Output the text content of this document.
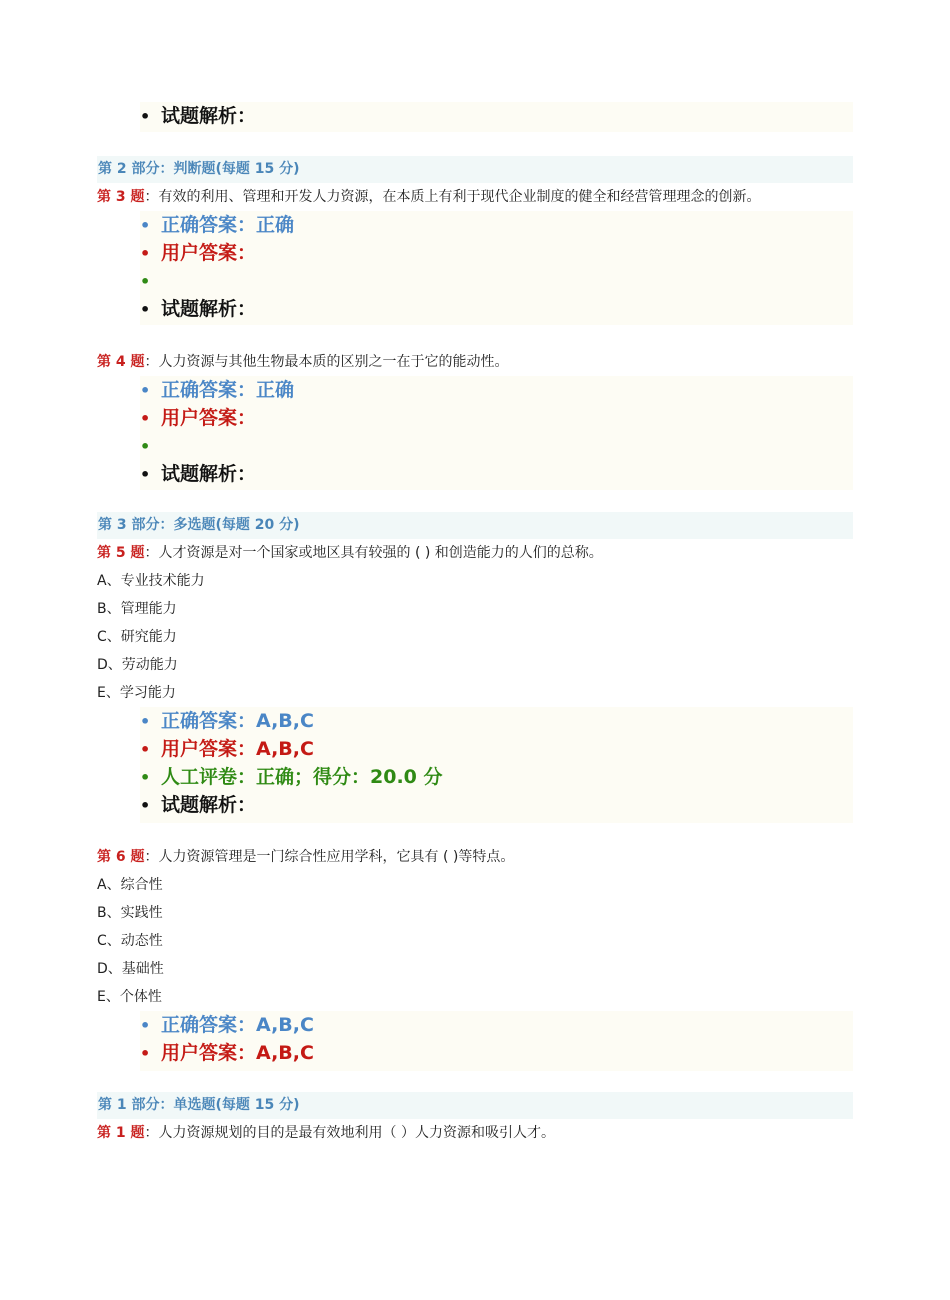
• 试题解析：
第 2 部分：判断题(每题 15 分)
第 3 题：有效的利用、管理和开发人力资源，在本质上有利于现代企业制度的健全和经营管理理念的创新。
• 正确答案：正确
• 用户答案：
•
• 试题解析：
第 4 题：人力资源与其他生物最本质的区别之一在于它的能动性。
• 正确答案：正确
• 用户答案：
•
• 试题解析：
第 3 部分：多选题(每题 20 分)
第 5 题：人才资源是对一个国家或地区具有较强的 ( ) 和创造能力的人们的总称。
A、专业技术能力
B、管理能力
C、研究能力
D、劳动能力
E、学习能力
• 正确答案：A,B,C
• 用户答案：A,B,C
• 人工评卷：正确；得分：20.0 分
• 试题解析：
第 6 题：人力资源管理是一门综合性应用学科，它具有 ( )等特点。
A、综合性
B、实践性
C、动态性
D、基础性
E、个体性
• 正确答案：A,B,C
• 用户答案：A,B,C
第 1 部分：单选题(每题 15 分)
第 1 题：人力资源规划的目的是最有效地利用（ ）人力资源和吸引人才。
